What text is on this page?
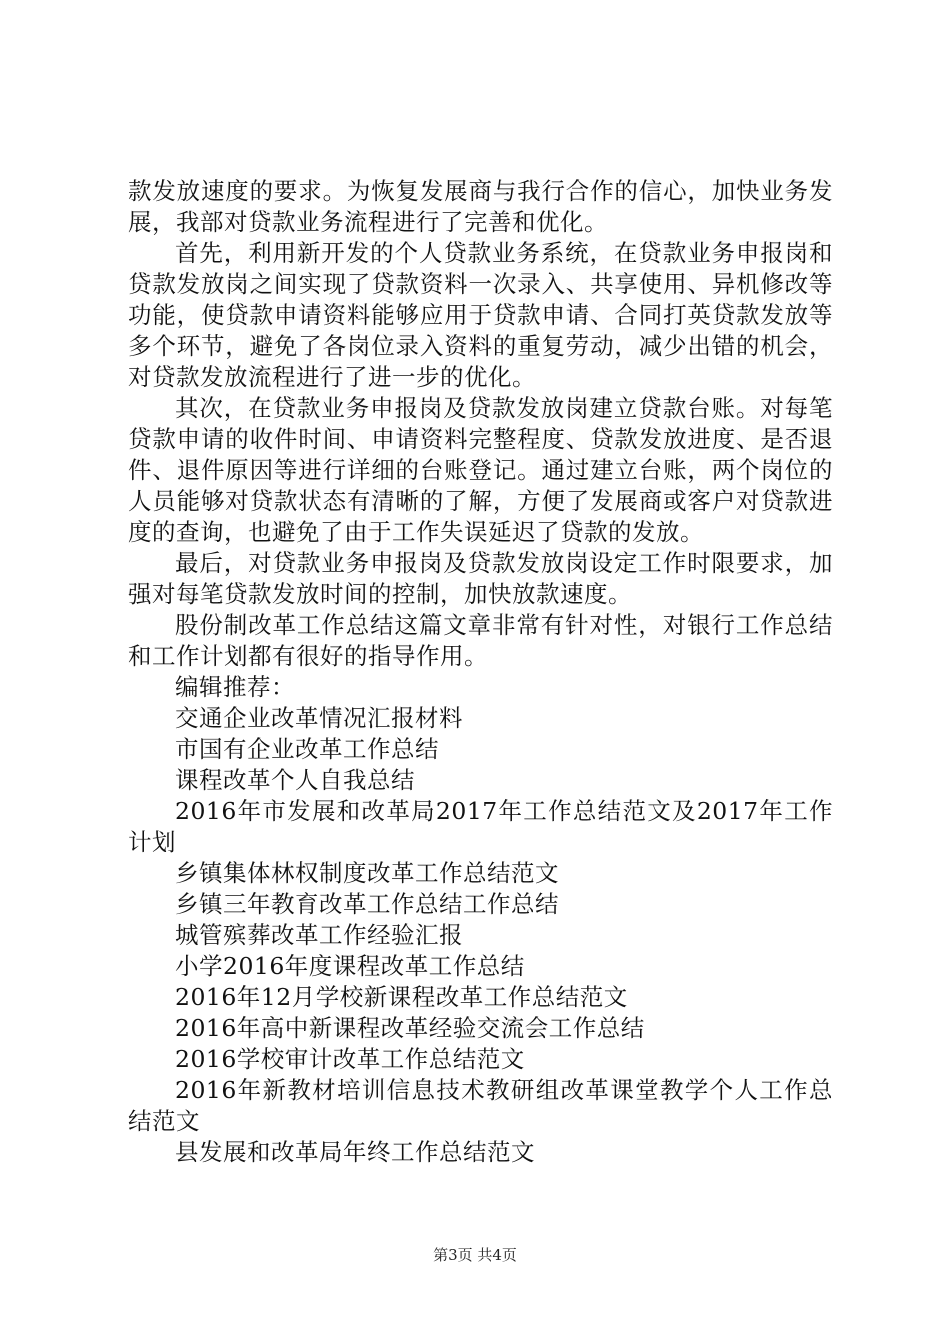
款发放速度的要求。为恢复发展商与我行合作的信心，加快业务发展，我部对贷款业务流程进行了完善和优化。

首先，利用新开发的个人贷款业务系统，在贷款业务申报岗和贷款发放岗之间实现了贷款资料一次录入、共享使用、异机修改等功能，使贷款申请资料能够应用于贷款申请、合同打英贷款发放等多个环节，避免了各岗位录入资料的重复劳动，减少出错的机会，对贷款发放流程进行了进一步的优化。

其次，在贷款业务申报岗及贷款发放岗建立贷款台账。对每笔贷款申请的收件时间、申请资料完整程度、贷款发放进度、是否退件、退件原因等进行详细的台账登记。通过建立台账，两个岗位的人员能够对贷款状态有清晰的了解，方便了发展商或客户对贷款进度的查询，也避免了由于工作失误延迟了贷款的发放。

最后，对贷款业务申报岗及贷款发放岗设定工作时限要求，加强对每笔贷款发放时间的控制，加快放款速度。

股份制改革工作总结这篇文章非常有针对性，对银行工作总结和工作计划都有很好的指导作用。

编辑推荐：

交通企业改革情况汇报材料

市国有企业改革工作总结

课程改革个人自我总结

2016年市发展和改革局2017年工作总结范文及2017年工作计划

乡镇集体林权制度改革工作总结范文

乡镇三年教育改革工作总结工作总结

城管殡葬改革工作经验汇报

小学2016年度课程改革工作总结

2016年12月学校新课程改革工作总结范文

2016年高中新课程改革经验交流会工作总结

2016学校审计改革工作总结范文

2016年新教材培训信息技术教研组改革课堂教学个人工作总结范文

县发展和改革局年终工作总结范文

第3页 共4页
